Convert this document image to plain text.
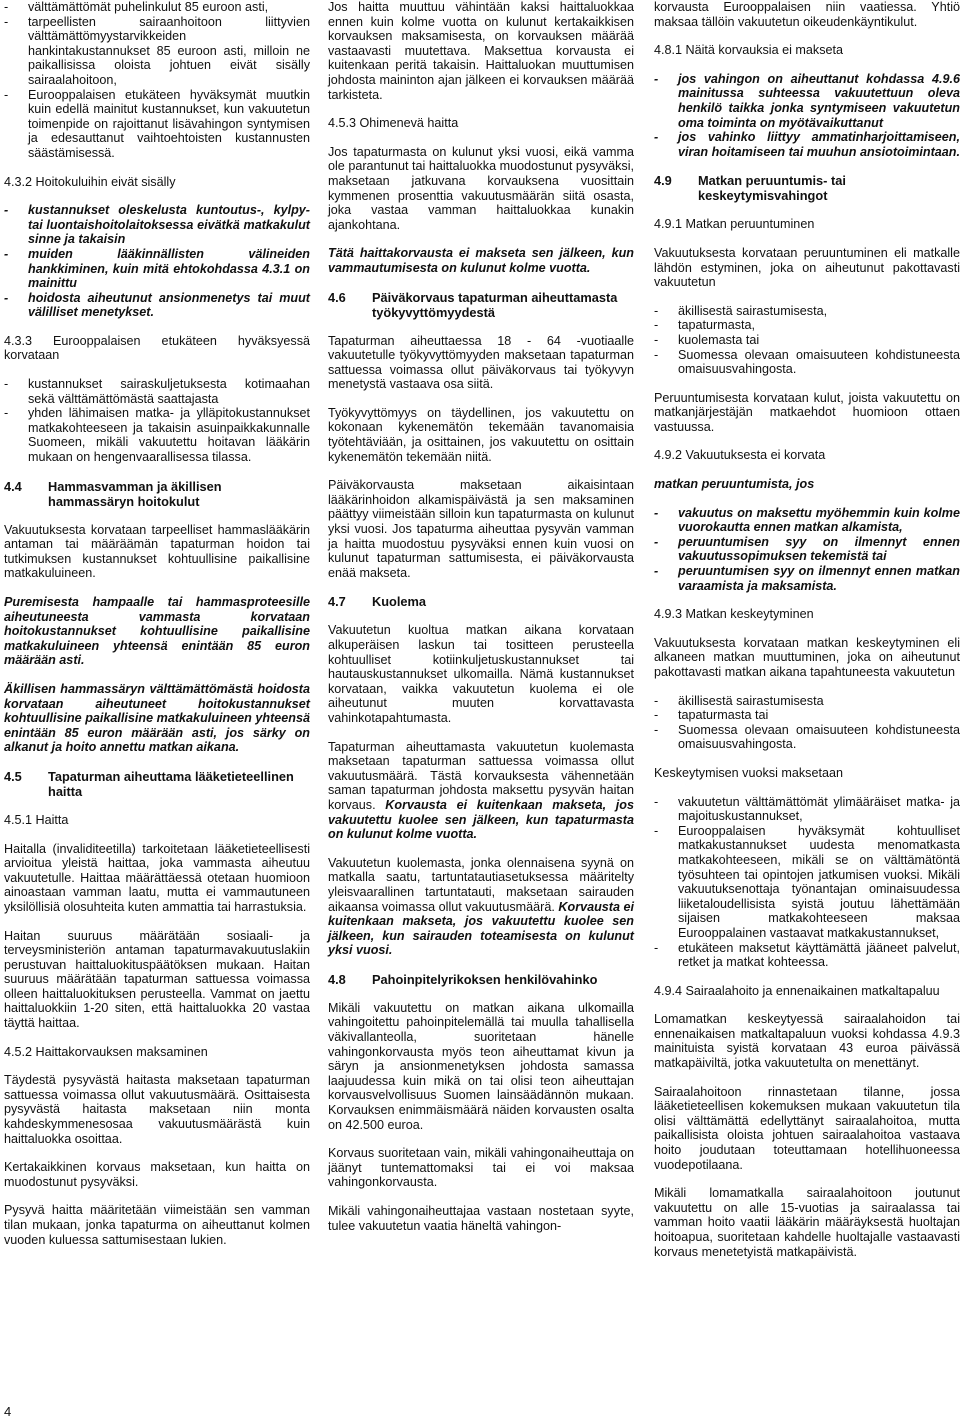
- välttämättömät puhelinkulut 85 euroon asti,
- tarpeellisten sairaanhoitoon liittyvien välttämättömyystarvikkeiden hankintakustannukset 85 euroon asti, milloin ne paikallisissa oloista johtuen eivät sisälly sairaalahoitoon,
- Eurooppalaisen etukäteen hyväksymät muutkin kuin edellä mainitut kustannukset, kun vakuutetun toimenpide on rajoittanut lisävahingon syntymisen ja edesauttanut vaihtoehtoisten kustannusten säästämisessä.

4.3.2 Hoitokuluihin eivät sisälly

- kustannukset oleskelusta kuntoutus-, kylpy- tai luontaishoitolaitoksessa eivätkä matkakulut sinne ja takaisin
- muiden lääkinnällisten välineiden hankkiminen, kuin mitä ehtokohdassa 4.3.1 on mainittu
- hoidosta aiheutunut ansionmenetys tai muut välilliset menetykset.

4.3.3 Eurooppalaisen etukäteen hyväksyessä korvataan

- kustannukset sairaskuljetuksesta kotimaahan sekä välttämättömästä saattajasta
- yhden lähimaisen matka- ja ylläpitokustannukset matkakohteeseen ja takaisin asuinpaikkakunnalle Suomeen, mikäli vakuutettu hoitavan lääkärin mukaan on hengenvaarallisessa tilassa.
4.4	Hammasvamman ja äkillisen hammassäryn hoitokulut

Vakuutuksesta korvataan tarpeelliset hammaslääkärin antaman tai määräämän tapaturman hoidon tai tutkimuksen kustannukset kohtuullisine paikallisine matkakuluineen.

Puremisesta hampaalle tai hammasproteesille aiheutuneesta vammasta korvataan hoitokustannukset kohtuullisine paikallisine matkakuluineen yhteensä enintään 85 euron määrään asti.

Äkillisen hammassäryn välttämättömästä hoidosta korvataan aiheutuneet hoitokustannukset kohtuullisine paikallisine matkakuluineen yhteensä enintään 85 euron määrään asti, jos särky on alkanut ja hoito annettu matkan aikana.

4.5	Tapaturman aiheuttama lääketieteellinen haitta

4.5.1 Haitta

Haitalla (invaliditeetilla) tarkoitetaan lääketieteellisesti arvioitua yleistä haittaa, joka vammasta aiheutuu vakuutetulle. Haittaa määrättäessä otetaan huomioon ainoastaan vamman laatu, mutta ei vammautuneen yksilöllisiä olosuhteita kuten ammattia tai harrastuksia.

Haitan suuruus määrätään sosiaali- ja terveysministeriön antaman tapaturmavakuutuslakiin perustuvan haittaluokituspäätöksen mukaan. Haitan suuruus määrätään tapaturman sattuessa voimassa olleen haittaluokituksen perusteella. Vammat on jaettu haittaluokkiin 1-20 siten, että haittaluokka 20 vastaa täyttä haittaa.

4.5.2 Haittakorvauksen maksaminen

Täydestä pysyvästä haitasta maksetaan tapaturman sattuessa voimassa ollut vakuutusmäärä. Osittaisesta pysyvästä haitasta maksetaan niin monta kahdeskymmenesosaa vakuutusmäärästä kuin haittaluokka osoittaa.

Kertakaikkinen korvaus maksetaan, kun haitta on muodostunut pysyväksi.

Pysyvä haitta määritetään viimeistään sen vamman tilan mukaan, jonka tapaturma on aiheuttanut kolmen vuoden kuluessa sattumisestaan lukien.

Jos haitta muuttuu vähintään kaksi haittaluokkaa ennen kuin kolme vuotta on kulunut kertakaikkisen korvauksen maksamisesta, on korvauksen määrää vastaavasti muutettava. Maksettua korvausta ei kuitenkaan peritä takaisin. Haittaluokan muuttumisen johdosta maininton ajan jälkeen ei korvauksen määrää tarkisteta.

4.5.3 Ohimenevä haitta

Jos tapaturmasta on kulunut yksi vuosi, eikä vamma ole parantunut tai haittaluokka muodostunut pysyväksi, maksetaan jatkuvana korvauksena vuosittain kymmenen prosenttia vakuutusmäärän siitä osasta, joka vastaa vamman haittaluokkaa kunakin ajankohtana.

Tätä haittakorvausta ei makseta sen jälkeen, kun vammautumisesta on kulunut kolme vuotta.

4.6	Päiväkorvaus tapaturman aiheuttamasta työkyvyttömyydestä

Tapaturman aiheuttaessa 18 - 64 -vuotiaalle vakuutetulle työkyvyttömyyden maksetaan tapaturman sattuessa voimassa ollut päiväkorvaus tai työkyvyn menetystä vastaava osa siitä.

Työkyvyttömyys on täydellinen, jos vakuutettu on kokonaan kykenemätön tekemään tavanomaisia työtehtäviään, ja osittainen, jos vakuutettu on osittain kykenemätön tekemään niitä.

Päiväkorvausta maksetaan aikaisintaan lääkärinhoidon alkamispäivästä ja sen maksaminen päättyy viimeistään silloin kun tapaturmasta on kulunut yksi vuosi. Jos tapaturma aiheuttaa pysyvän vamman ja haitta muodostuu pysyväksi ennen kuin vuosi on kulunut tapaturman sattumisesta, ei päiväkorvausta enää makseta.

4.7	Kuolema

Vakuutetun kuoltua matkan aikana korvataan alkuperäisen laskun tai tositteen perusteella kohtuulliset kotiinkuljetuskustannukset tai hautauskustannukset ulkomailla. Nämä kustannukset korvataan, vaikka vakuutetun kuolema ei ole aiheutunut muuten korvattavasta vahinkotapahtumasta.

Tapaturman aiheuttamasta vakuutetun kuolemasta maksetaan tapaturman sattuessa voimassa ollut vakuutusmäärä. Tästä korvauksesta vähennetään saman tapaturman johdosta maksettu pysyvän haitan korvaus. Korvausta ei kuitenkaan makseta, jos vakuutettu kuolee sen jälkeen, kun tapaturmasta on kulunut kolme vuotta.

Vakuutetun kuolemasta, jonka olennaisena syynä on matkalla saatu, tartuntatautiasetuksessa määritelty yleisvaarallinen tartuntatauti, maksetaan sairauden aikaansa voimassa ollut vakuutusmäärä. Korvausta ei kuitenkaan makseta, jos vakuutettu kuolee sen jälkeen, kun sairauden toteamisesta on kulunut yksi vuosi.

4.8	Pahoinpitelyrikoksen henkilövahinko

Mikäli vakuutettu on matkan aikana ulkomailla vahingoitettu pahoinpitelemällä tai muulla tahallisella väkivallanteolla, suoritetaan hänelle vahingonkorvausta myös teon aiheuttamat kivun ja säryn ja ansionmenetyksen johdosta samassa laajuudessa kuin mikä on tai olisi teon aiheuttajan korvausvelvollisuus Suomen lainsäädännön mukaan. Korvauksen enimmäismäärä näiden korvausten osalta on 42.500 euroa.

Korvaus suoritetaan vain, mikäli vahingonaiheuttaja on jäänyt tuntemattomaksi tai ei voi maksaa vahingonkorvausta.

Mikäli vahingonaiheuttajaa vastaan nostetaan syyte, tulee vakuutetun vaatia häneltä vahingon-

korvausta Eurooppalaisen niin vaatiessa. Yhtiö maksaa tällöin vakuutetun oikeudenkäyntikulut.

4.8.1 Näitä korvauksia ei makseta

- jos vahingon on aiheuttanut kohdassa 4.9.6 mainitussa suhteessa vakuutettuun oleva henkilö taikka jonka syntymiseen vakuutetun oma toiminta on myötävaikuttanut
- jos vahinko liittyy ammatinharjoittamiseen, viran hoitamiseen tai muuhun ansiotoimintaan.
4.9	Matkan peruuntumis- tai keskeytymisvahingot

4.9.1 Matkan peruuntuminen

Vakuutuksesta korvataan peruuntuminen eli matkalle lähdön estyminen, joka on aiheutunut pakottavasti vakuutetun

- äkillisestä sairastumisesta,
- tapaturmasta,
- kuolemasta tai
- Suomessa olevaan omaisuuteen kohdistuneesta omaisuusvahingosta.

Peruuntumisesta korvataan kulut, joista vakuutettu on matkanjärjestäjän matkaehdot huomioon ottaen vastuussa.

4.9.2 Vakuutuksesta ei korvata

matkan peruuntumista, jos

- vakuutus on maksettu myöhemmin kuin kolme vuorokautta ennen matkan alkamista,
- peruuntumisen syy on ilmennyt ennen vakuutussopimuksen tekemistä tai
- peruuntumisen syy on ilmennyt ennen matkan varaamista ja maksamista.

4.9.3 Matkan keskeytyminen

Vakuutuksesta korvataan matkan keskeytyminen eli alkaneen matkan muuttuminen, joka on aiheutunut pakottavasti matkan aikana tapahtuneesta vakuutetun

- äkillisestä sairastumisesta
- tapaturmasta tai
- Suomessa olevaan omaisuuteen kohdistuneesta omaisuusvahingosta.

Keskeytymisen vuoksi maksetaan

- vakuutetun välttämättömät ylimääräiset matka- ja majoituskustannukset,
- Eurooppalaisen hyväksymät kohtuulliset matkakustannukset uudesta menomatkasta matkakohteeseen, mikäli se on välttämätöntä työsuhteen tai opintojen jatkumisen vuoksi. Mikäli vakuutuksenottaja työnantajan ominaisuudessa liiketaloudellisista syistä joutuu lähettämään sijaisen matkakohteeseen maksaa Eurooppalainen vastaavat matkakustannukset,
- etukäteen maksetut käyttämättä jääneet palvelut, retket ja matkat kohteessa.

4.9.4 Sairaalahoito ja ennenaikainen matkaltapaluu

Lomamatkan keskeytyessä sairaalahoidon tai ennenaikaisen matkaltapaluun vuoksi kohdassa 4.9.3 mainituista syistä korvataan 43 euroa päivässä matkapäiviltä, jotka vakuutetulta on menettänyt.

Sairaalahoitoon rinnastetaan tilanne, jossa lääketieteellisen kokemuksen mukaan vakuutetun tila olisi välttämättä edellyttänyt sairaalahoitoa, mutta paikallisista oloista johtuen sairaalahoitoa vastaava hoito joudutaan toteuttamaan hotellihuoneessa vuodepotilaana.

Mikäli lomamatkalla sairaalahoitoon joutunut vakuutettu on alle 15-vuotias ja sairaalassa tai vamman hoito vaatii lääkärin määräyksestä huoltajan hoitoapua, suoritetaan kahdelle huoltajalle vastaavasti korvaus menetetyistä matkapäivistä.

4
